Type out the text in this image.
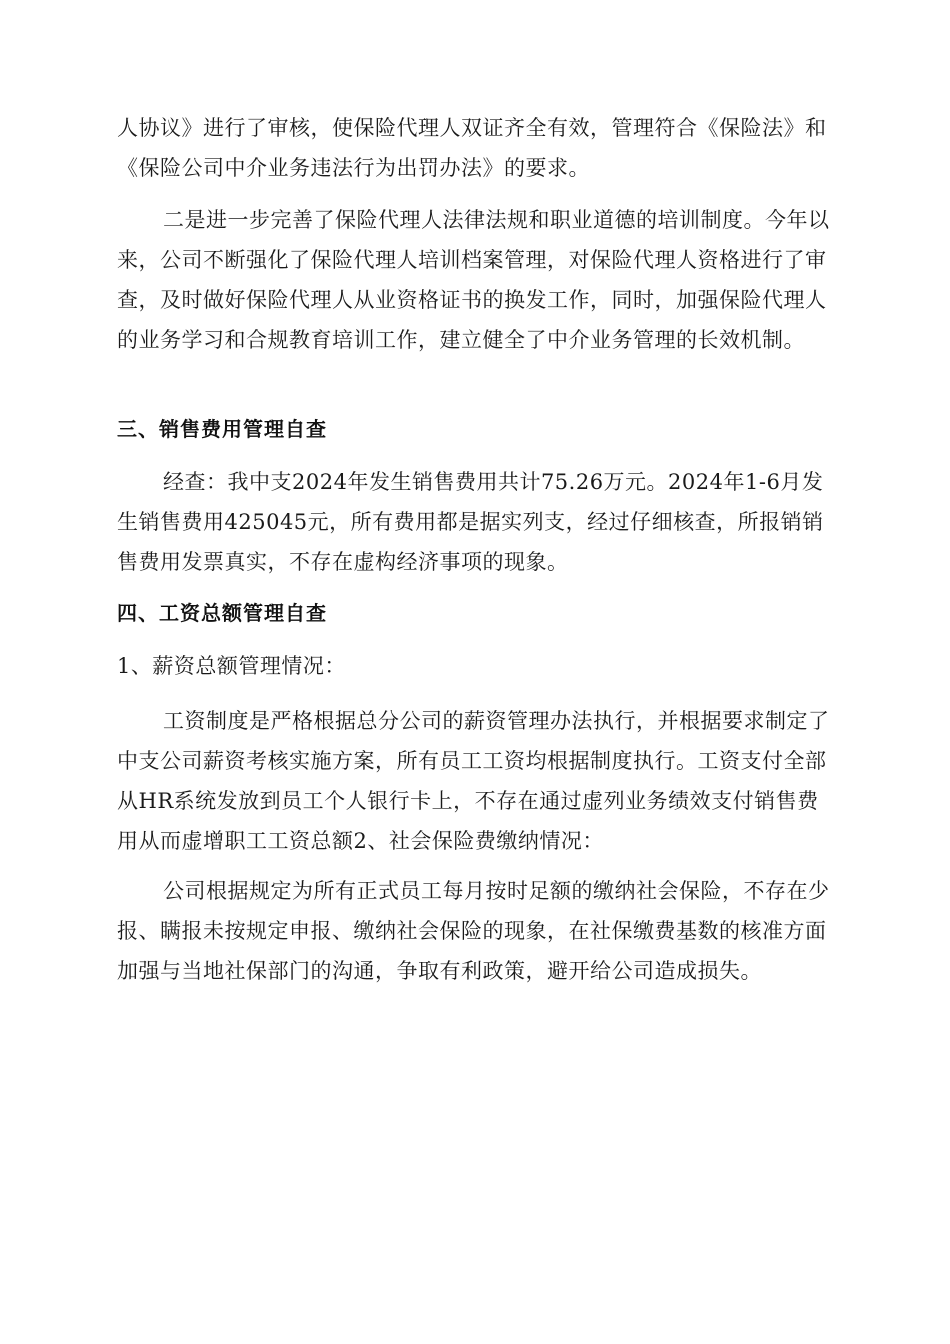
人协议》进行了审核，使保险代理人双证齐全有效，管理符合《保险法》和《保险公司中介业务违法行为出罚办法》的要求。

二是进一步完善了保险代理人法律法规和职业道德的培训制度。今年以来，公司不断强化了保险代理人培训档案管理，对保险代理人资格进行了审查，及时做好保险代理人从业资格证书的换发工作，同时，加强保险代理人的业务学习和合规教育培训工作，建立健全了中介业务管理的长效机制。

三、销售费用管理自查

经查：我中支2024年发生销售费用共计75.26万元。2024年1-6月发生销售费用425045元，所有费用都是据实列支，经过仔细核查，所报销销售费用发票真实，不存在虚构经济事项的现象。

四、工资总额管理自查

1、薪资总额管理情况：

工资制度是严格根据总分公司的薪资管理办法执行，并根据要求制定了中支公司薪资考核实施方案，所有员工工资均根据制度执行。工资支付全部从HR系统发放到员工个人银行卡上，不存在通过虚列业务绩效支付销售费用从而虚增职工工资总额2、社会保险费缴纳情况：

公司根据规定为所有正式员工每月按时足额的缴纳社会保险，不存在少报、瞒报未按规定申报、缴纳社会保险的现象，在社保缴费基数的核准方面加强与当地社保部门的沟通，争取有利政策，避开给公司造成损失。
